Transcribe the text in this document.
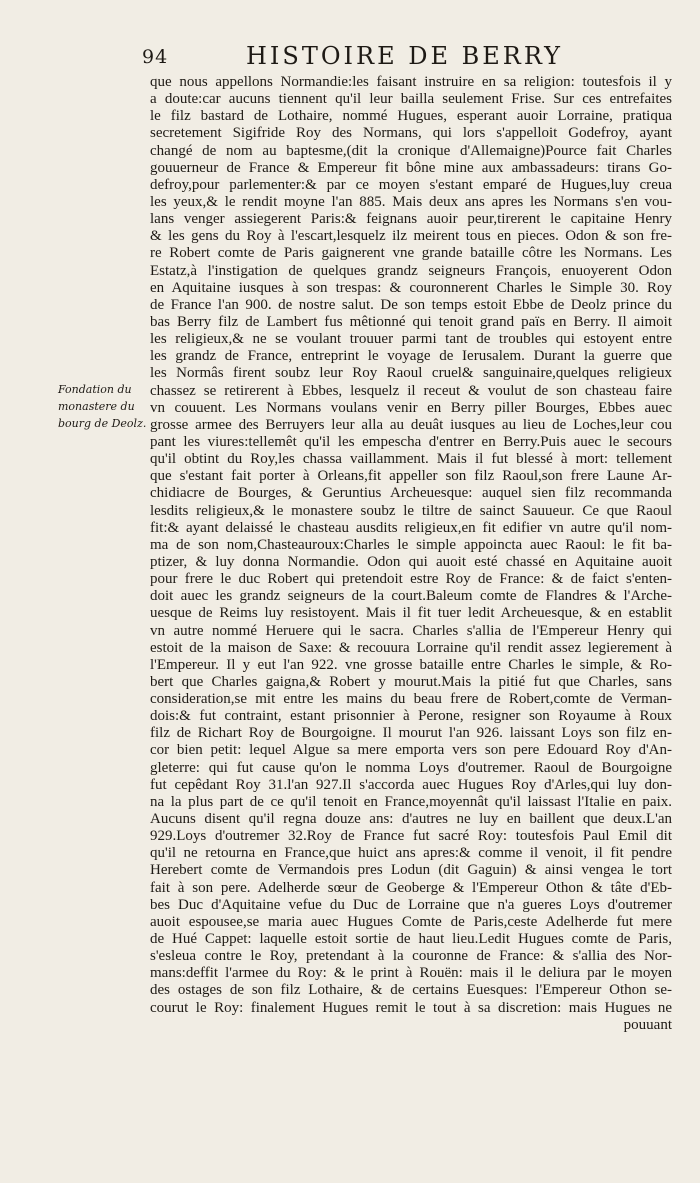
94	HISTOIRE DE BERRY
Fondation du
monastere du
bourg de Deolz.
que nous appellons Normandie:les faisant instruire en sa religion: toutesfois il y
a doute:car aucuns tiennent qu'il leur bailla seulement Frise. Sur ces entrefaites
le filz bastard de Lothaire, nommé Hugues, esperant auoir Lorraine, pratiqua
secretement Sigifride Roy des Normans, qui lors s'appelloit Godefroy, ayant
changé de nom au baptesme,(dit la cronique d'Allemaigne)Pource fait Charles
gouuerneur de France & Empereur fit bône mine aux ambassadeurs: tirans Go-
defroy,pour parlementer:& par ce moyen s'estant emparé de Hugues,luy creua
les yeux,& le rendit moyne l'an 885. Mais deux ans apres les Normans s'en vou-
lans venger assiegerent Paris:& feignans auoir peur,tirerent le capitaine Henry
& les gens du Roy à l'escart,lesquelz ilz meirent tous en pieces. Odon & son fre-
re Robert comte de Paris gaignerent vne grande bataille côtre les Normans. Les
Estatz,à l'instigation de quelques grandz seigneurs François, enuoyerent Odon
en Aquitaine iusques à son trespas: & couronnerent Charles le Simple 30. Roy
de France l'an 900. de nostre salut. De son temps estoit Ebbe de Deolz prince du
bas Berry filz de Lambert fus mêtionné qui tenoit grand païs en Berry. Il aimoit
les religieux,& ne se voulant trouuer parmi tant de troubles qui estoyent entre
les grandz de France, entreprint le voyage de Ierusalem. Durant la guerre que
les Normâs firent soubz leur Roy Raoul cruel& sanguinaire,quelques religieux
chassez se retirerent à Ebbes, lesquelz il receut & voulut de son chasteau faire
vn couuent. Les Normans voulans venir en Berry piller Bourges, Ebbes auec
grosse armee des Berruyers leur alla au deuât iusques au lieu de Loches,leur cou
pant les viures:tellemêt qu'il les empescha d'entrer en Berry.Puis auec le secours
qu'il obtint du Roy,les chassa vaillamment. Mais il fut blessé à mort: tellement
que s'estant fait porter à Orleans,fit appeller son filz Raoul,son frere Laune Ar-
chidiacre de Bourges, & Geruntius Archeuesque: auquel sien filz recommanda
lesdits religieux,& le monastere soubz le tiltre de sainct Sauueur. Ce que Raoul
fit:& ayant delaissé le chasteau ausdits religieux,en fit edifier vn autre qu'il nom-
ma de son nom,Chasteauroux:Charles le simple appoincta auec Raoul: le fit ba-
ptizer, & luy donna Normandie. Odon qui auoit esté chassé en Aquitaine auoit
pour frere le duc Robert qui pretendoit estre Roy de France: & de faict s'enten-
doit auec les grandz seigneurs de la court.Baleum comte de Flandres & l'Arche-
uesque de Reims luy resistoyent. Mais il fit tuer ledit Archeuesque, & en establit
vn autre nommé Heruere qui le sacra. Charles s'allia de l'Empereur Henry qui
estoit de la maison de Saxe: & recouura Lorraine qu'il rendit assez legierement à
l'Empereur. Il y eut l'an 922. vne grosse bataille entre Charles le simple, & Ro-
bert que Charles gaigna,& Robert y mourut.Mais la pitié fut que Charles, sans
consideration,se mit entre les mains du beau frere de Robert,comte de Verman-
dois:& fut contraint, estant prisonnier à Perone, resigner son Royaume à Roux
filz de Richart Roy de Bourgoigne. Il mourut l'an 926. laissant Loys son filz en-
cor bien petit: lequel Algue sa mere emporta vers son pere Edouard Roy d'An-
gleterre: qui fut cause qu'on le nomma Loys d'outremer. Raoul de Bourgoigne
fut cepêdant Roy 31.l'an 927.Il s'accorda auec Hugues Roy d'Arles,qui luy don-
na la plus part de ce qu'il tenoit en France,moyennât qu'il laissast l'Italie en paix.
Aucuns disent qu'il regna douze ans: d'autres ne luy en baillent que deux.L'an
929.Loys d'outremer 32.Roy de France fut sacré Roy: toutesfois Paul Emil dit
qu'il ne retourna en France,que huict ans apres:& comme il venoit, il fit pendre
Herebert comte de Vermandois pres Lodun (dit Gaguin) & ainsi vengea le tort
fait à son pere. Adelherde sœur de Geoberge & l'Empereur Othon & tâte d'Eb-
bes Duc d'Aquitaine vefue du Duc de Lorraine que n'a gueres Loys d'outremer
auoit espousee,se maria auec Hugues Comte de Paris,ceste Adelherde fut mere
de Hué Cappet: laquelle estoit sortie de haut lieu.Ledit Hugues comte de Paris,
s'esleua contre le Roy, pretendant à la couronne de France: & s'allia des Nor-
mans:deffit l'armee du Roy: & le print à Rouën: mais il le deliura par le moyen
des ostages de son filz Lothaire, & de certains Euesques: l'Empereur Othon se-
courut le Roy: finalement Hugues remit le tout à sa discretion: mais Hugues ne
pouuant
